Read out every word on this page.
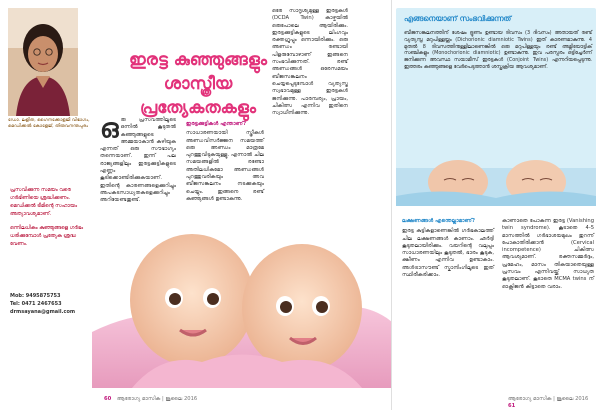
ഡോ. ലളിത, ഗൈനക്കോളജി വിഭാഗം, മെഡിക്കൽ കോളേജ്, തിരുവനന്തപുരം
ഇരട്ട കുഞ്ഞുങ്ങളും
ശാസ്ത്രീയ പ്രത്യേകതകളും

പ്രസവിക്കുന്ന സമയം വരെ ഗർഭിണിയെ ശ്രദ്ധിക്കണം. മെഡിക്കൽ ടീമിന്റെ സഹായം അത്യാവശ്യമാണ്.

ഒന്നിലധികം കുഞ്ഞുങ്ങളെ ഗർഭം ധരിക്കുമ്പോൾ പ്രത്യേക ശ്രദ്ധ വേണം.

Mob: 9495875753
Tel: 0471 2467653
drmsayana@gmail.com
ഒ രു പ്രസവത്തിലൂടെ ഒന്നിൽ കൂടുതൽ കുഞ്ഞുങ്ങളുടെ അമ്മയാകാൻ കഴിയുക എന്നത് ഒരു സൗഭാഗ്യം തന്നെയാണ്. ഇന്ന് പല രാജ്യങ്ങളിലും ഇരട്ടക്കുട്ടികളുടെ എണ്ണം കൂടിക്കൊണ്ടിരിക്കുകയാണ്. ഇതിന്റെ കാരണങ്ങളെക്കുറിച്ചും അപകടസാധ്യതകളെക്കുറിച്ചും അറിയേണ്ടതുണ്ട്.
ഇരട്ടക്കുട്ടികൾ എന്താണ്?
സാധാരണയായി സ്ത്രീകൾ അണ്ഡവിസർജ്ജന സമയത്ത് ഒരു അണ്ഡം മാത്രമേ പുറത്തുവിടുകയുള്ളൂ. എന്നാൽ ചില സമയങ്ങളിൽ രണ്ടോ അതിലധികമോ അണ്ഡങ്ങൾ പുറത്തുവരികയും അവ ബീജസങ്കലനം നടക്കുകയും ചെയ്യും. ഇങ്ങനെ രണ്ട് കുഞ്ഞുങ്ങൾ ഉണ്ടാകുന്നു.
ഒരേ സാദൃശ്യമുള്ള ഇരട്ടകൾ (DCDA Twin) കാഴ്ചയിൽ ഒരുപോലെ ആയിരിക്കും. ഇരട്ടക്കുട്ടികളുടെ ലിംഗവും രക്തഗ്രൂപ്പും ഒന്നായിരിക്കും. ഒരു അണ്ഡം രണ്ടായി പിളരുമ്പോഴാണ് ഇങ്ങനെ സംഭവിക്കുന്നത്. രണ്ട് അണ്ഡങ്ങൾ ഒരേസമയം ബീജസങ്കലനം ചെയ്യപ്പെടുമ്പോൾ വ്യത്യസ്ത സ്വഭാവമുള്ള ഇരട്ടകൾ ജനിക്കുന്നു. പാരമ്പര്യം, പ്രായം, ചികിത്സ എന്നിവ ഇതിനെ സ്വാധീനിക്കുന്നു.
60 ആരോഗ്യ മാസിക | ജൂലൈ 2016
എങ്ങനെയാണ് സംഭവിക്കുന്നത്
ബീജസങ്കലനത്തിന് ശേഷം ഭ്രൂണം ഉണ്ടായ ദിവസം (3 ദിവസം) അതായത് രണ്ട് വ്യത്യസ്ത മറുപിള്ളയ്ക്കും (Dichorionic diamniotic Twins) ഇത് കാരണമാകുന്നു. 4 മുതൽ 8 ദിവസത്തിനുള്ളിലാണെങ്കിൽ ഒരു മറുപിള്ളയും രണ്ട് അമ്നിയോട്ടിക് സഞ്ചികളും (Monochorionic diamniotic) ഉണ്ടാകുന്നു. ഇവ പരസ്പരം ഒട്ടിച്ചേർന്ന് ജനിക്കുന്ന അവസ്ഥ സയാമീസ് ഇരട്ടകൾ (Conjoint Twins) എന്നറിയപ്പെടുന്നു. ഇത്തരം കുഞ്ഞുങ്ങളെ വേർപെടുത്താൻ ശസ്ത്രക്രിയ ആവശ്യമാണ്.
ലക്ഷണങ്ങൾ എന്തെല്ലാമാണ്?
ഇരട്ട കുട്ടികളാണെങ്കിൽ ഗർഭകാലത്ത് ചില ലക്ഷണങ്ങൾ കാണാം. ഛർദ്ദി കൂടുതലായിരിക്കും. വയറിന്റെ വലുപ്പം സാധാരണയിലും കൂടുതൽ, ഭാരം കൂടുക, ക്ഷീണം എന്നിവ ഉണ്ടാകാം. അൾട്രാസൗണ്ട് സ്കാനിംഗിലൂടെ ഇത് സ്ഥിരീകരിക്കാം.
കാണാതെ പോകുന്ന ഇരട്ട (Vanishing twin syndrome). കൂടാതെ 4-5 മാസത്തിൽ ഗർഭാശയമുഖം തുറന്ന് പോകാതിരിക്കാൻ (Cervical incompetence) ചികിത്സ ആവശ്യമാണ്. രക്തസമ്മർദ്ദം, പ്രമേഹം, മാസം തികയാതെയുള്ള പ്രസവം എന്നിവയ്ക്ക് സാധ്യത കൂടുതലാണ്. കൂടാതെ MCMA twins ന് ഓക്സിജൻ കിട്ടാതെ വരാം.
ആരോഗ്യ മാസിക | ജൂലൈ 2016 61
